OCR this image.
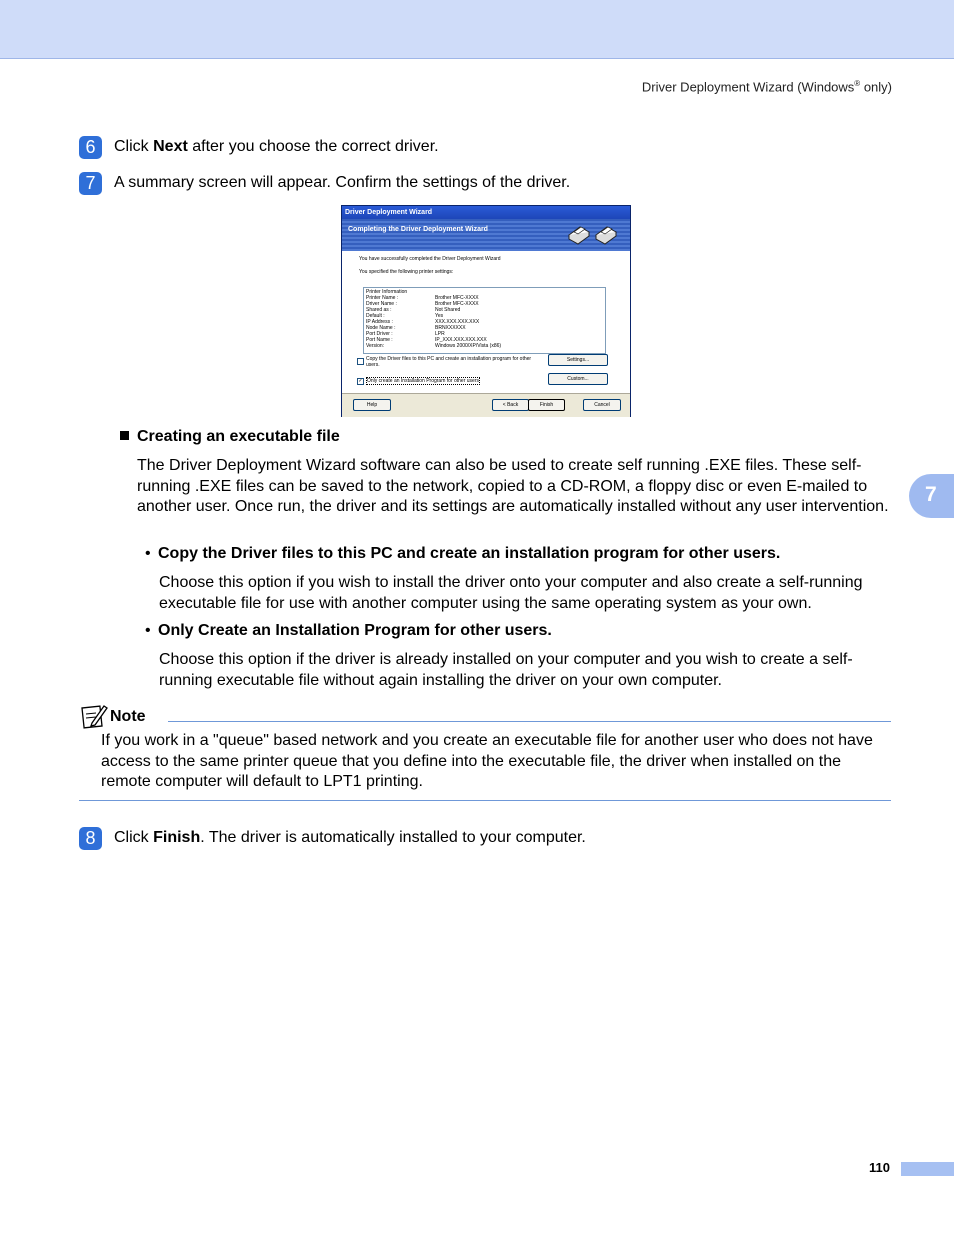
Driver Deployment Wizard (Windows® only)
7
6	Click Next after you choose the correct driver.
7	A summary screen will appear. Confirm the settings of the driver.
Driver Deployment Wizard
Completing the Driver Deployment Wizard
You have successfully completed the Driver Deployment Wizard
You specified the following printer settings:
Printer Information
Printer Name :	Brother MFC-XXXX
Driver Name :	Brother MFC-XXXX
Shared as :	Not Shared
Default :	Yes
IP Address :	XXX.XXX.XXX.XXX
Node Name :	BRNXXXXXX
Port Driver :	LPR
Port Name :	IP_XXX.XXX.XXX.XXX
Version:	Windows 2000/XP/Vista (x86)
Copy the Driver files to this PC and create an installation program for other
users.
Settings...
✓ Only create an Installation Program for other users	Custom...
Help	< Back	Finish	Cancel
Creating an executable file
The Driver Deployment Wizard software can also be used to create self running .EXE files. These self-running .EXE files can be saved to the network, copied to a CD-ROM, a floppy disc or even E-mailed to another user. Once run, the driver and its settings are automatically installed without any user intervention.
• Copy the Driver files to this PC and create an installation program for other users.
Choose this option if you wish to install the driver onto your computer and also create a self-running executable file for use with another computer using the same operating system as your own.
• Only Create an Installation Program for other users.
Choose this option if the driver is already installed on your computer and you wish to create a self-running executable file without again installing the driver on your own computer.
Note
If you work in a "queue" based network and you create an executable file for another user who does not have access to the same printer queue that you define into the executable file, the driver when installed on the remote computer will default to LPT1 printing.
8	Click Finish. The driver is automatically installed to your computer.
110
